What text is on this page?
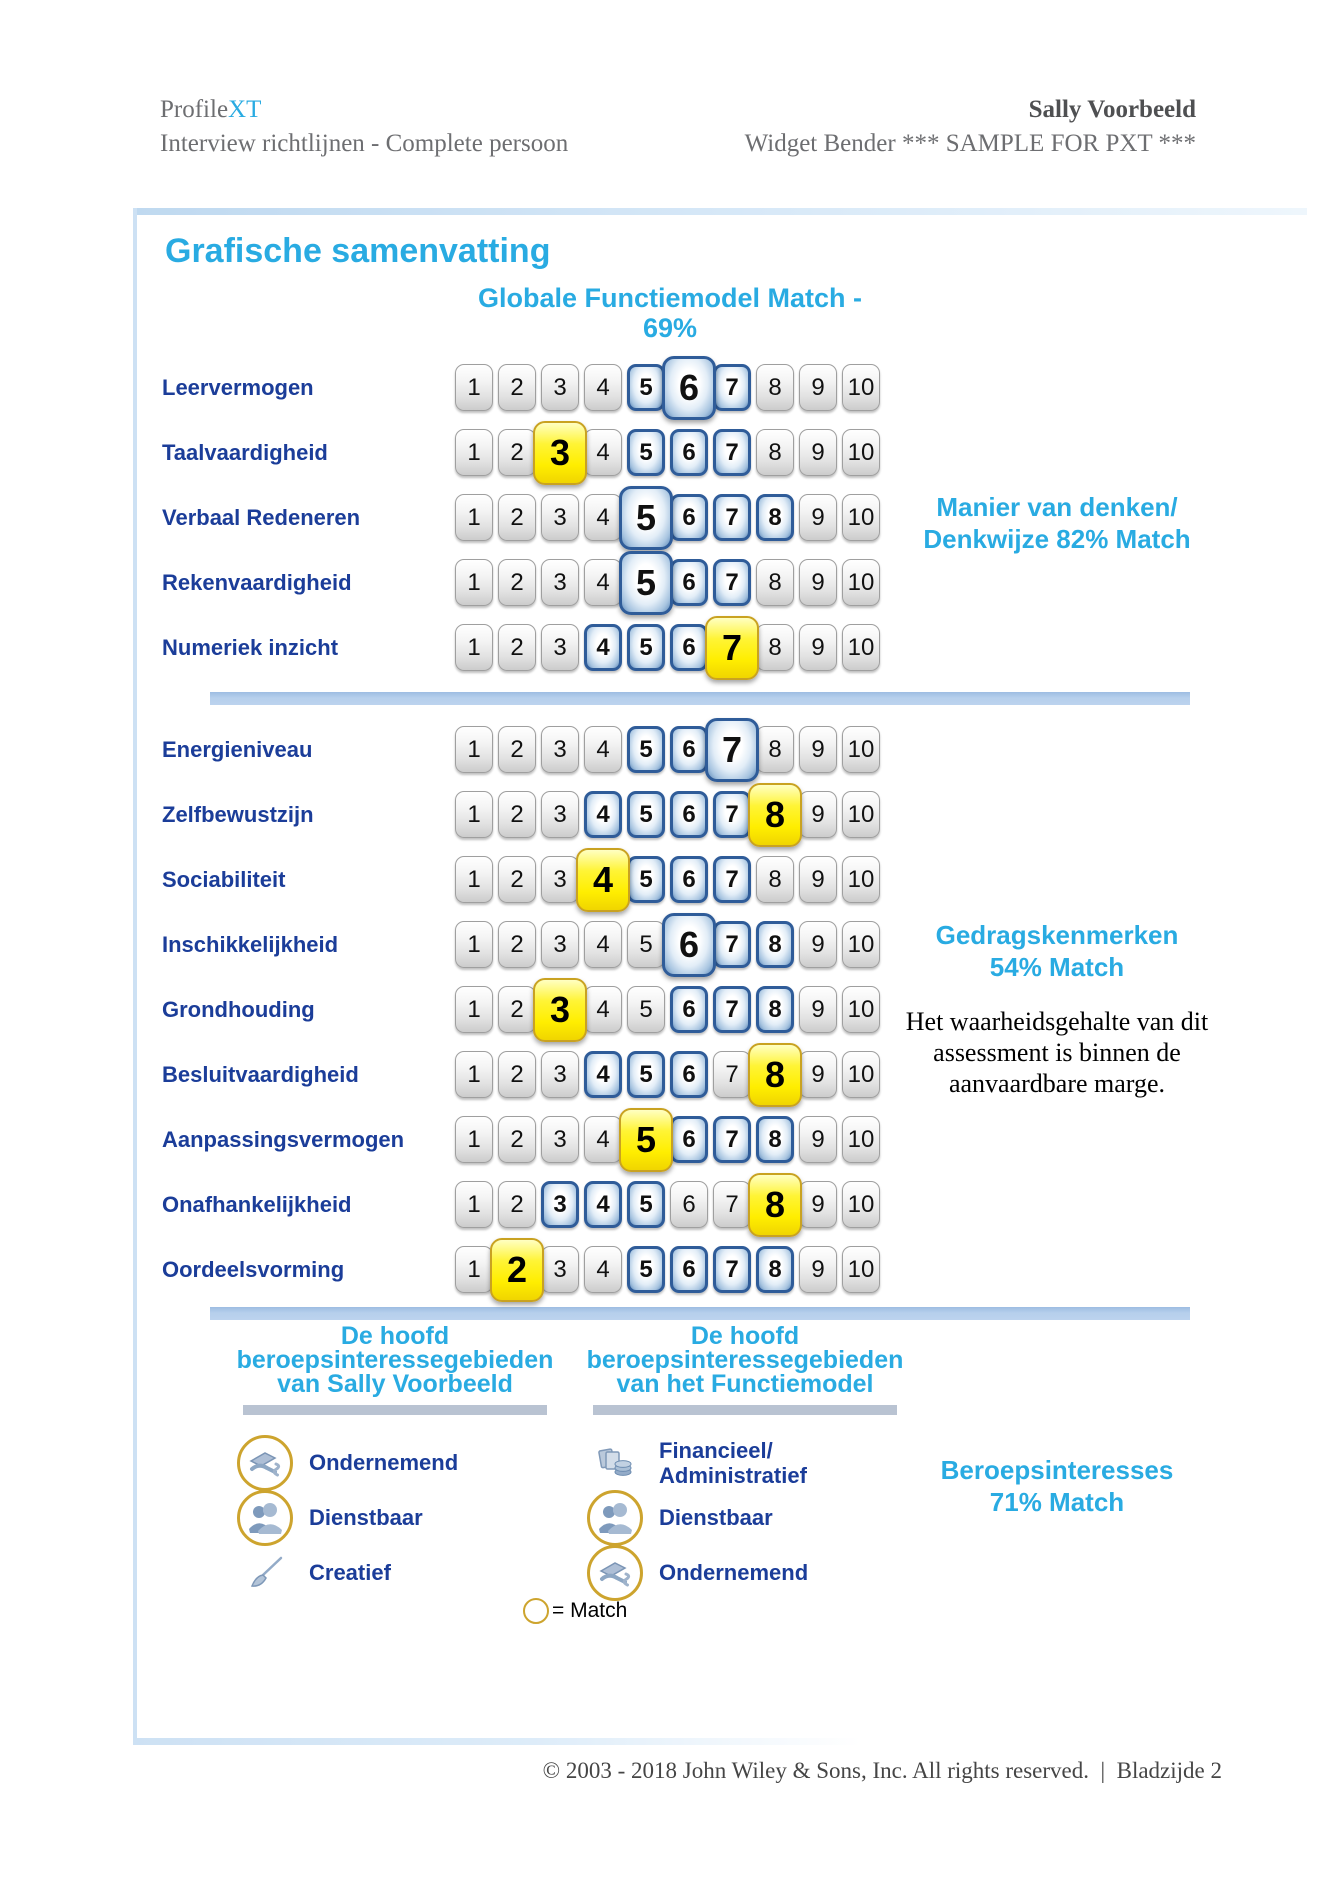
ProfileXT
Interview richtlijnen - Complete persoon
Sally Voorbeeld
Widget Bender *** SAMPLE FOR PXT ***
Grafische samenvatting
Globale Functiemodel Match - 69%
Leervermogen	1	2	3	4	5 6	7	8	9 10
Taalvaardigheid	1	2 3	4	5	6	7	8	9 10
Verbaal Redeneren	1	2	3	4 5	6	7	8	9 10
Rekenvaardigheid	1	2	3	4 5	6	7	8	9 10
Numeriek inzicht	1	2	3	4	5	6 7	8	9 10
Manier van denken/
Denkwijze 82% Match
Energieniveau	1	2	3	4	5	6 7	8	9 10
Zelfbewustzijn	1	2	3	4	5	6	7 8	9 10
Sociabiliteit	1	2	3 4	5	6	7	8	9 10
Inschikkelijkheid	1	2	3	4	5 6	7	8	9 10
Grondhouding	1	2 3	4	5	6	7	8	9 10
Besluitvaardigheid	1	2	3	4	5	6	7 8	9 10
Aanpassingsvermogen	1	2	3	4 5	6	7	8	9 10
Onafhankelijkheid	1	2	3	4	5	6	7 8	9 10
Oordeelsvorming	1 2	3	4	5	6	7	8	9 10
Gedragskenmerken
54% Match
Het waarheidsgehalte van dit assessment is binnen de aanvaardbare marge.
De hoofd
beroepsinteressegebieden
van Sally Voorbeeld
Ondernemend
Dienstbaar
Creatief
De hoofd
beroepsinteressegebieden
van het Functiemodel
Financieel/
Administratief
Dienstbaar
Ondernemend
= Match
Beroepsinteresses
71% Match
© 2003 - 2018 John Wiley & Sons, Inc. All rights reserved.  |  Bladzijde 2
